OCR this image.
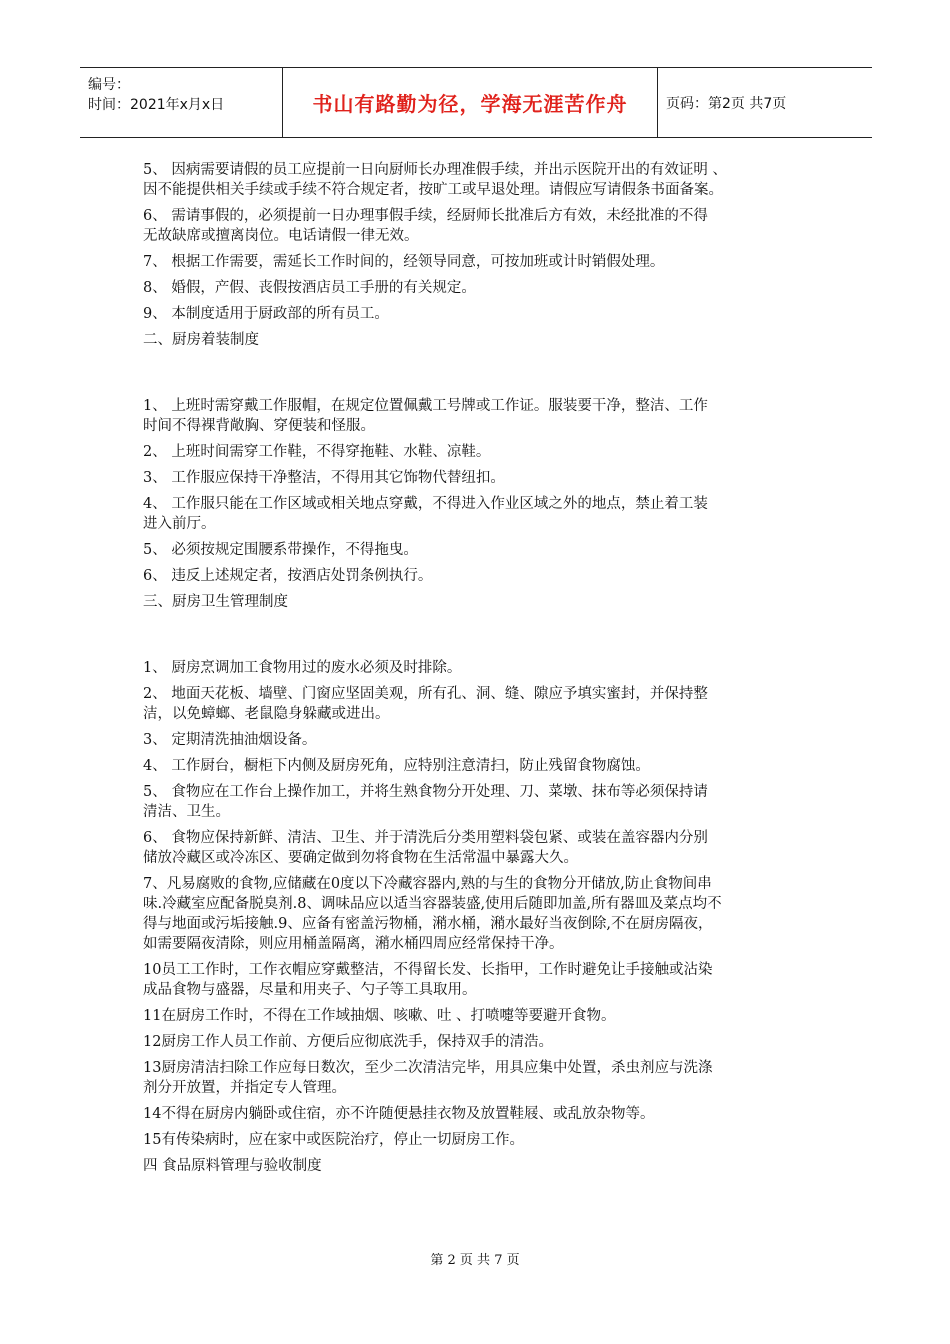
编号：
时间：2021年x月x日	书山有路勤为径，学海无涯苦作舟	页码：第2页 共7页

5、 因病需要请假的员工应提前一日向厨师长办理准假手续，并出示医院开出的有效证明 、

因不能提供相关手续或手续不符合规定者，按旷工或早退处理。请假应写请假条书面备案。

6、 需请事假的，必须提前一日办理事假手续，经厨师长批准后方有效，未经批准的不得

无故缺席或擅离岗位。电话请假一律无效。

7、 根据工作需要，需延长工作时间的，经领导同意，可按加班或计时销假处理。

8、 婚假，产假、丧假按酒店员工手册的有关规定。

9、 本制度适用于厨政部的所有员工。

二、厨房着装制度

1、 上班时需穿戴工作服帽，在规定位置佩戴工号牌或工作证。服装要干净，整洁、工作

时间不得裸背敞胸、穿便装和怪服。

2、 上班时间需穿工作鞋，不得穿拖鞋、水鞋、凉鞋。

3、 工作服应保持干净整洁，不得用其它饰物代替纽扣。

4、 工作服只能在工作区域或相关地点穿戴，不得进入作业区域之外的地点，禁止着工装

进入前厅。

5、 必须按规定围腰系带操作，不得拖曳。

6、 违反上述规定者，按酒店处罚条例执行。

三、厨房卫生管理制度

1、 厨房烹调加工食物用过的废水必须及时排除。

2、 地面天花板、墙壁、门窗应坚固美观，所有孔、洞、缝、隙应予填实蜜封，并保持整

洁，以免蟑螂、老鼠隐身躲藏或进出。

3、 定期清洗抽油烟设备。

4、 工作厨台，橱柜下内侧及厨房死角，应特别注意清扫，防止残留食物腐蚀。

5、 食物应在工作台上操作加工，并将生熟食物分开处理、刀、菜墩、抹布等必须保持请

清洁、卫生。

6、 食物应保持新鲜、清洁、卫生、并于清洗后分类用塑料袋包紧、或装在盖容器内分别

储放冷藏区或冷冻区、要确定做到勿将食物在生活常温中暴露大久。

7、凡易腐败的食物,应储藏在0度以下冷藏容器内,熟的与生的食物分开储放,防止食物间串

味.冷藏室应配备脱臭剂.8、调味品应以适当容器装盛,使用后随即加盖,所有器皿及菜点均不

得与地面或污垢接触.9、应备有密盖污物桶，潲水桶，潲水最好当夜倒除,不在厨房隔夜，

如需要隔夜清除，则应用桶盖隔离，潲水桶四周应经常保持干净。

10员工工作时，工作衣帽应穿戴整洁，不得留长发、长指甲，工作时避免让手接触或沾染

成品食物与盛器，尽量和用夹子、勺子等工具取用。

11在厨房工作时，不得在工作域抽烟、咳嗽、吐 、打喷嚏等要避开食物。

12厨房工作人员工作前、方便后应彻底洗手，保持双手的清浩。

13厨房清洁扫除工作应每日数次，至少二次清洁完毕，用具应集中处置，杀虫剂应与洗涤

剂分开放置，并指定专人管理。

14不得在厨房内躺卧或住宿，亦不许随便悬挂衣物及放置鞋屐、或乱放杂物等。

15有传染病时，应在家中或医院治疗，停止一切厨房工作。

四 食品原料管理与验收制度

第 2 页 共 7 页
